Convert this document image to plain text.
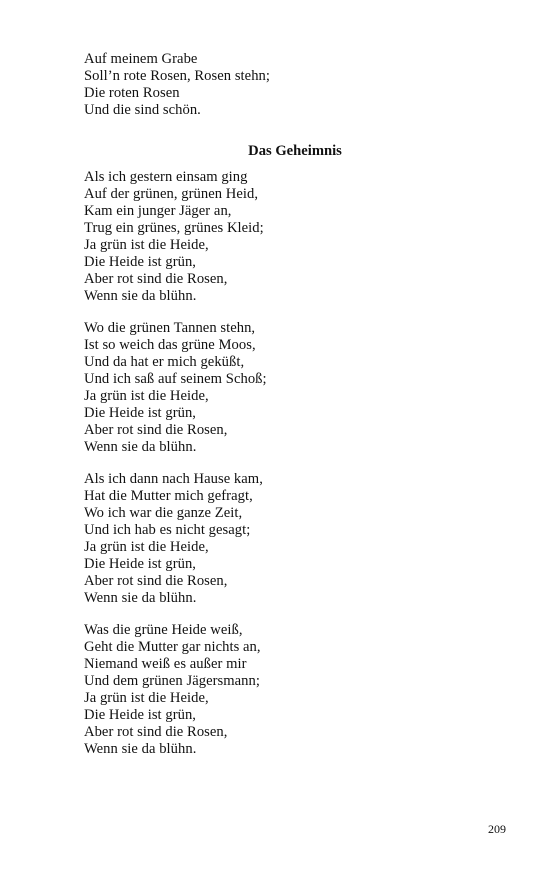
Auf meinem Grabe
Soll’n rote Rosen, Rosen stehn;
Die roten Rosen
Und die sind schön.
Das Geheimnis
Als ich gestern einsam ging
Auf der grünen, grünen Heid,
Kam ein junger Jäger an,
Trug ein grünes, grünes Kleid;
Ja grün ist die Heide,
Die Heide ist grün,
Aber rot sind die Rosen,
Wenn sie da blühn.
Wo die grünen Tannen stehn,
Ist so weich das grüne Moos,
Und da hat er mich geküßt,
Und ich saß auf seinem Schoß;
Ja grün ist die Heide,
Die Heide ist grün,
Aber rot sind die Rosen,
Wenn sie da blühn.
Als ich dann nach Hause kam,
Hat die Mutter mich gefragt,
Wo ich war die ganze Zeit,
Und ich hab es nicht gesagt;
Ja grün ist die Heide,
Die Heide ist grün,
Aber rot sind die Rosen,
Wenn sie da blühn.
Was die grüne Heide weiß,
Geht die Mutter gar nichts an,
Niemand weiß es außer mir
Und dem grünen Jägersmann;
Ja grün ist die Heide,
Die Heide ist grün,
Aber rot sind die Rosen,
Wenn sie da blühn.
209
